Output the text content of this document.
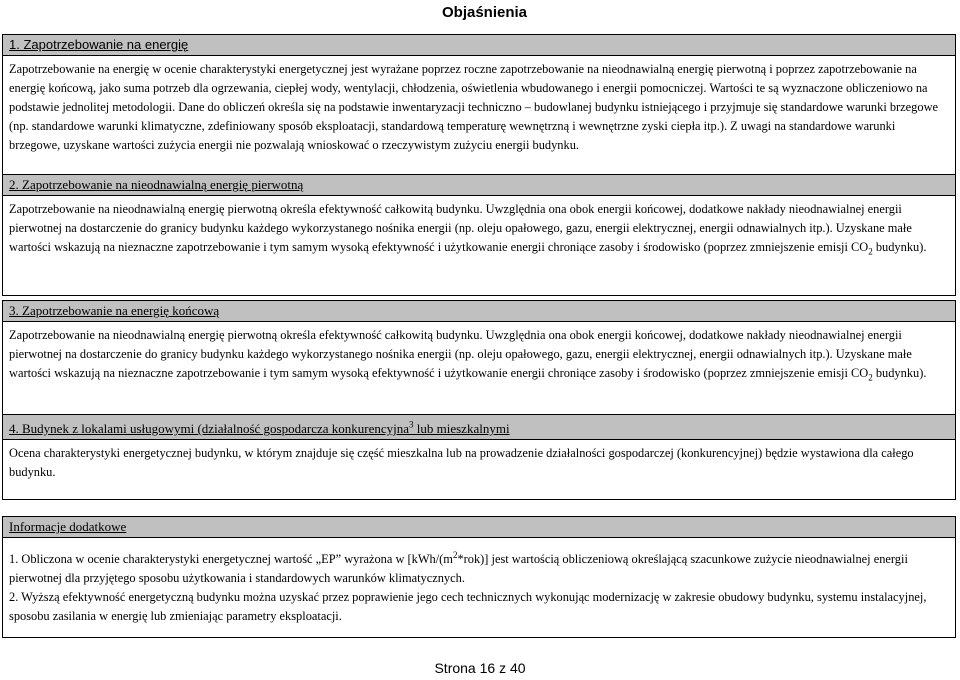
Objaśnienia
1. Zapotrzebowanie na energię

Zapotrzebowanie na energię w ocenie charakterystyki energetycznej jest wyrażane poprzez roczne zapotrzebowanie na nieodnawialną energię pierwotną i poprzez zapotrzebowanie na energię końcową, jako suma potrzeb dla ogrzewania, ciepłej wody, wentylacji, chłodzenia, oświetlenia wbudowanego i energii pomocniczej. Wartości te są wyznaczone obliczeniowo na podstawie jednolitej metodologii. Dane do obliczeń określa się na podstawie inwentaryzacji techniczno – budowlanej budynku istniejącego i przyjmuje się standardowe warunki brzegowe (np. standardowe warunki klimatyczne, zdefiniowany sposób eksploatacji, standardową temperaturę wewnętrzną i wewnętrzne zyski ciepła itp.). Z uwagi na standardowe warunki brzegowe, uzyskane wartości zużycia energii nie pozwalają wnioskować o rzeczywistym zużyciu energii budynku.

2. Zapotrzebowanie na nieodnawialną energię pierwotną

Zapotrzebowanie na nieodnawialną energię pierwotną określa efektywność całkowitą budynku. Uwzględnia ona obok energii końcowej, dodatkowe nakłady nieodnawialnej energii pierwotnej na dostarczenie do granicy budynku każdego wykorzystanego nośnika energii (np. oleju opałowego, gazu, energii elektrycznej, energii odnawialnych itp.). Uzyskane małe wartości wskazują na nieznaczne zapotrzebowanie i tym samym wysoką efektywność i użytkowanie energii chroniące zasoby i środowisko (poprzez zmniejszenie emisji $CO_2$ budynku).

3. Zapotrzebowanie na energię końcową

Zapotrzebowanie na nieodnawialną energię pierwotną określa efektywność całkowitą budynku. Uwzględnia ona obok energii końcowej, dodatkowe nakłady nieodnawialnej energii pierwotnej na dostarczenie do granicy budynku każdego wykorzystanego nośnika energii (np. oleju opałowego, gazu, energii elektrycznej, energii odnawialnych itp.). Uzyskane małe wartości wskazują na nieznaczne zapotrzebowanie i tym samym wysoką efektywność i użytkowanie energii chroniące zasoby i środowisko (poprzez zmniejszenie emisji $CO_2$ budynku).

4. Budynek z lokalami usługowymi (działalność gospodarcza konkurencyjna$^3$ lub mieszkalnymi

Ocena charakterystyki energetycznej budynku, w którym znajduje się część mieszkalna lub na prowadzenie działalności gospodarczej (konkurencyjnej) będzie wystawiona dla całego budynku.

Informacje dodatkowe

1. Obliczona w ocenie charakterystyki energetycznej wartość „EP” wyrażona w $[kWh/(m^2*rok)]$ jest wartością obliczeniową określającą szacunkowe zużycie nieodnawialnej energii pierwotnej dla przyjętego sposobu użytkowania i standardowych warunków klimatycznych.

2. Wyższą efektywność energetyczną budynku można uzyskać przez poprawienie jego cech technicznych wykonując modernizację w zakresie obudowy budynku, systemu instalacyjnej, sposobu zasilania w energię lub zmieniając parametry eksploatacji.

Strona 16 z 40
